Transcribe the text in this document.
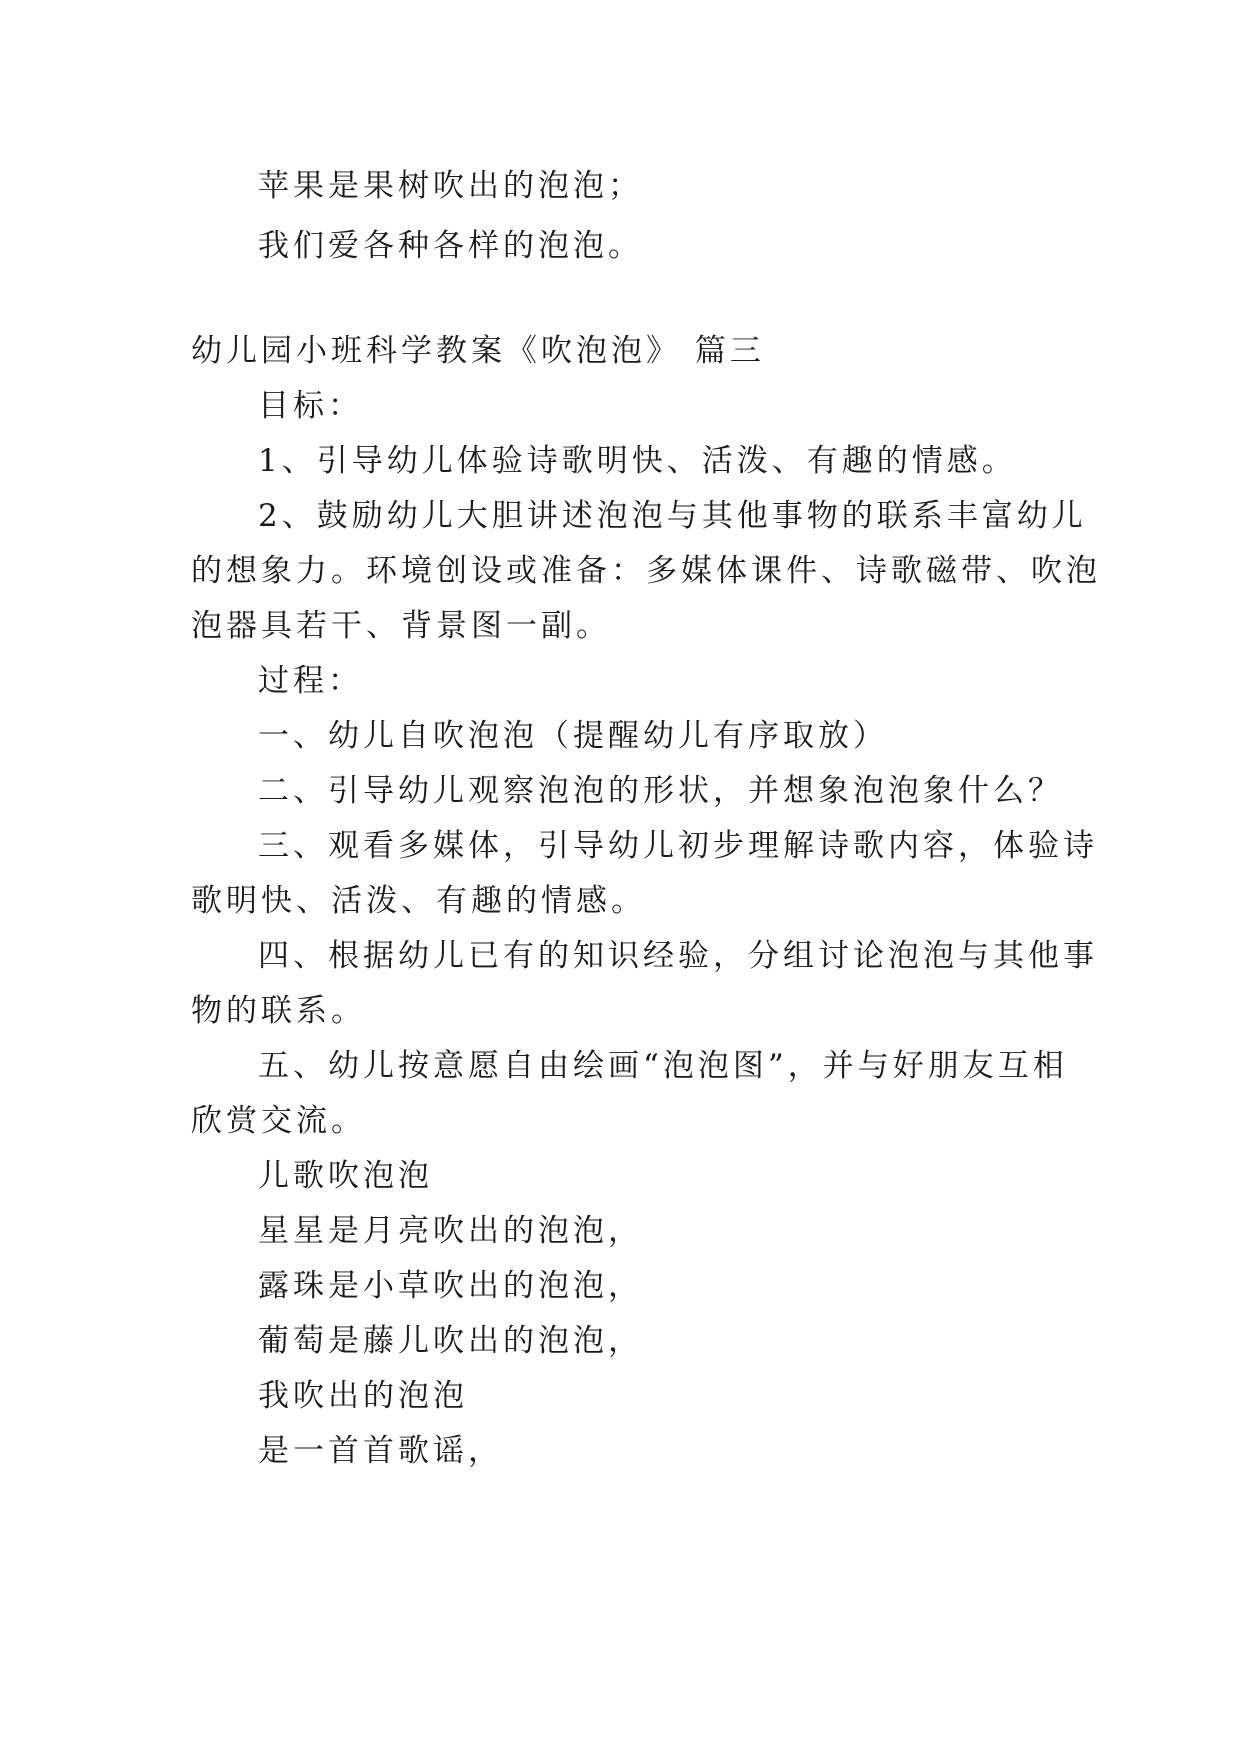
苹果是果树吹出的泡泡；
我们爱各种各样的泡泡。
幼儿园小班科学教案《吹泡泡》 篇三
目标：
1、引导幼儿体验诗歌明快、活泼、有趣的情感。
2、鼓励幼儿大胆讲述泡泡与其他事物的联系丰富幼儿
的想象力。环境创设或准备：多媒体课件、诗歌磁带、吹泡
泡器具若干、背景图一副。
过程：
一、幼儿自吹泡泡（提醒幼儿有序取放）
二、引导幼儿观察泡泡的形状，并想象泡泡象什么？
三、观看多媒体，引导幼儿初步理解诗歌内容，体验诗
歌明快、活泼、有趣的情感。
四、根据幼儿已有的知识经验，分组讨论泡泡与其他事
物的联系。
五、幼儿按意愿自由绘画“泡泡图”，并与好朋友互相
欣赏交流。
儿歌吹泡泡
星星是月亮吹出的泡泡，
露珠是小草吹出的泡泡，
葡萄是藤儿吹出的泡泡，
我吹出的泡泡
是一首首歌谣，
